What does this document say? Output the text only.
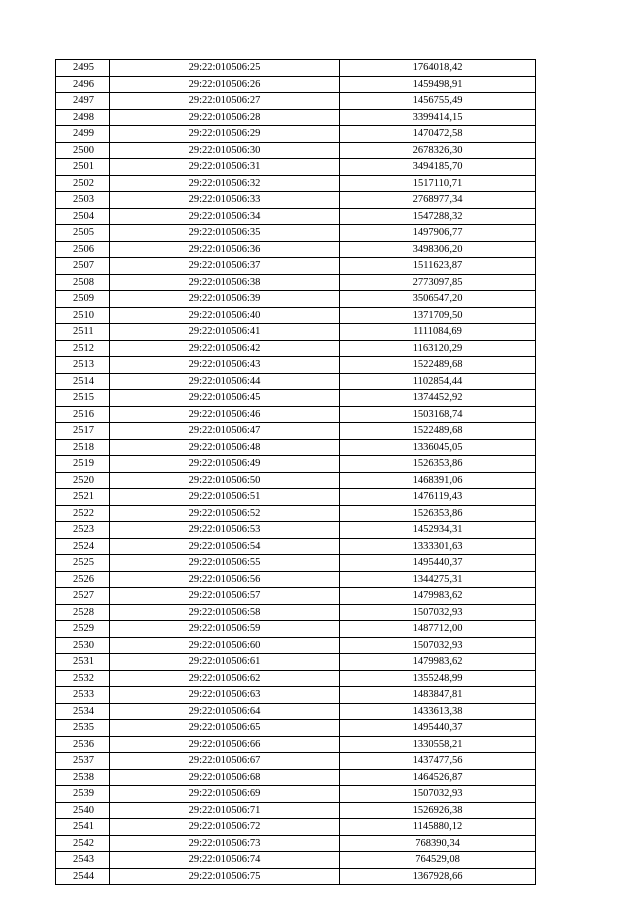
2495	29:22:010506:25	1764018,42
2496	29:22:010506:26	1459498,91
2497	29:22:010506:27	1456755,49
2498	29:22:010506:28	3399414,15
2499	29:22:010506:29	1470472,58
2500	29:22:010506:30	2678326,30
2501	29:22:010506:31	3494185,70
2502	29:22:010506:32	1517110,71
2503	29:22:010506:33	2768977,34
2504	29:22:010506:34	1547288,32
2505	29:22:010506:35	1497906,77
2506	29:22:010506:36	3498306,20
2507	29:22:010506:37	1511623,87
2508	29:22:010506:38	2773097,85
2509	29:22:010506:39	3506547,20
2510	29:22:010506:40	1371709,50
2511	29:22:010506:41	1111084,69
2512	29:22:010506:42	1163120,29
2513	29:22:010506:43	1522489,68
2514	29:22:010506:44	1102854,44
2515	29:22:010506:45	1374452,92
2516	29:22:010506:46	1503168,74
2517	29:22:010506:47	1522489,68
2518	29:22:010506:48	1336045,05
2519	29:22:010506:49	1526353,86
2520	29:22:010506:50	1468391,06
2521	29:22:010506:51	1476119,43
2522	29:22:010506:52	1526353,86
2523	29:22:010506:53	1452934,31
2524	29:22:010506:54	1333301,63
2525	29:22:010506:55	1495440,37
2526	29:22:010506:56	1344275,31
2527	29:22:010506:57	1479983,62
2528	29:22:010506:58	1507032,93
2529	29:22:010506:59	1487712,00
2530	29:22:010506:60	1507032,93
2531	29:22:010506:61	1479983,62
2532	29:22:010506:62	1355248,99
2533	29:22:010506:63	1483847,81
2534	29:22:010506:64	1433613,38
2535	29:22:010506:65	1495440,37
2536	29:22:010506:66	1330558,21
2537	29:22:010506:67	1437477,56
2538	29:22:010506:68	1464526,87
2539	29:22:010506:69	1507032,93
2540	29:22:010506:71	1526926,38
2541	29:22:010506:72	1145880,12
2542	29:22:010506:73	768390,34
2543	29:22:010506:74	764529,08
2544	29:22:010506:75	1367928,66
